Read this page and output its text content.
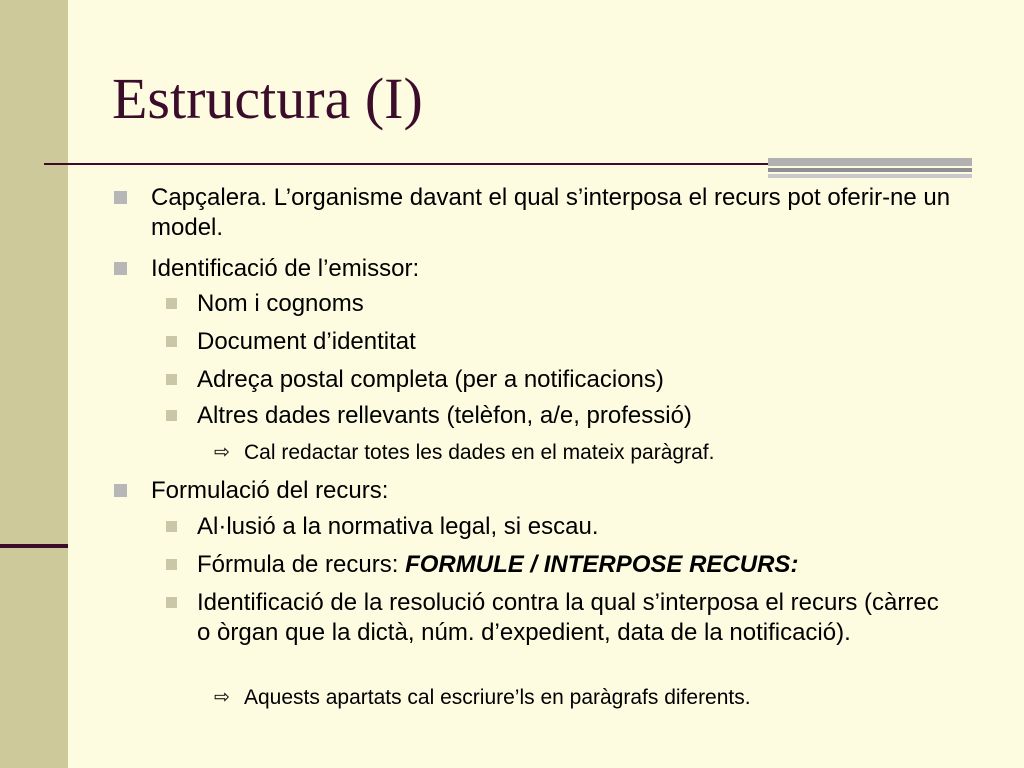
Estructura (I)
Capçalera. L’organisme davant el qual s’interposa el recurs pot oferir-ne un model.
Identificació de l’emissor:
Nom i cognoms
Document d’identitat
Adreça postal completa (per a notificacions)
Altres dades rellevants (telèfon, a/e, professió)
⇨ Cal redactar totes les dades en el mateix paràgraf.
Formulació del recurs:
Al·lusió a la normativa legal, si escau.
Fórmula de recurs: FORMULE / INTERPOSE RECURS:
Identificació de la resolució contra la qual s’interposa el recurs (càrrec o òrgan que la dictà, núm. d’expedient, data de la notificació).
⇨ Aquests apartats cal escriure’ls en paràgrafs diferents.
